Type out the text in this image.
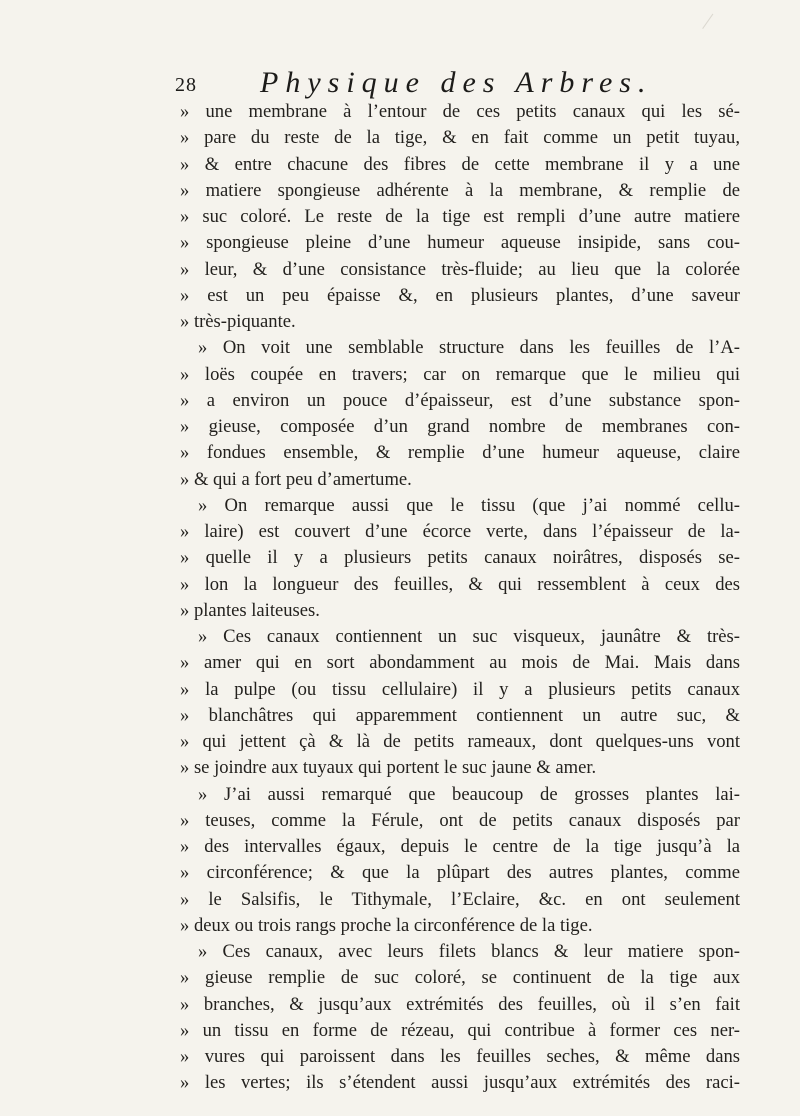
28 Physique des Arbres.
» une membrane à l’entour de ces petits canaux qui les sé-
» pare du reste de la tige, & en fait comme un petit tuyau,
» & entre chacune des fibres de cette membrane il y a une
» matiere spongieuse adhérente à la membrane, & remplie de
» suc coloré. Le reste de la tige est rempli d’une autre matiere
» spongieuse pleine d’une humeur aqueuse insipide, sans cou-
» leur, & d’une consistance très-fluide; au lieu que la colorée
» est un peu épaisse &, en plusieurs plantes, d’une saveur
» très-piquante.
» On voit une semblable structure dans les feuilles de l’A-
» loës coupée en travers; car on remarque que le milieu qui
» a environ un pouce d’épaisseur, est d’une substance spon-
» gieuse, composée d’un grand nombre de membranes con-
» fondues ensemble, & remplie d’une humeur aqueuse, claire
» & qui a fort peu d’amertume.
» On remarque aussi que le tissu (que j’ai nommé cellu-
» laire) est couvert d’une écorce verte, dans l’épaisseur de la-
» quelle il y a plusieurs petits canaux noirâtres, disposés se-
» lon la longueur des feuilles, & qui ressemblent à ceux des
» plantes laiteuses.
» Ces canaux contiennent un suc visqueux, jaunâtre & très-
» amer qui en sort abondamment au mois de Mai. Mais dans
» la pulpe (ou tissu cellulaire) il y a plusieurs petits canaux
» blanchâtres qui apparemment contiennent un autre suc, &
» qui jettent çà & là de petits rameaux, dont quelques-uns vont
» se joindre aux tuyaux qui portent le suc jaune & amer.
» J’ai aussi remarqué que beaucoup de grosses plantes lai-
» teuses, comme la Férule, ont de petits canaux disposés par
» des intervalles égaux, depuis le centre de la tige jusqu’à la
» circonférence; & que la plûpart des autres plantes, comme
» le Salsifis, le Tithymale, l’Eclaire, &c. en ont seulement
» deux ou trois rangs proche la circonférence de la tige.
» Ces canaux, avec leurs filets blancs & leur matiere spon-
» gieuse remplie de suc coloré, se continuent de la tige aux
» branches, & jusqu’aux extrémités des feuilles, où il s’en fait
» un tissu en forme de rézeau, qui contribue à former ces ner-
» vures qui paroissent dans les feuilles seches, & même dans
» les vertes; ils s’étendent aussi jusqu’aux extrémités des raci-
